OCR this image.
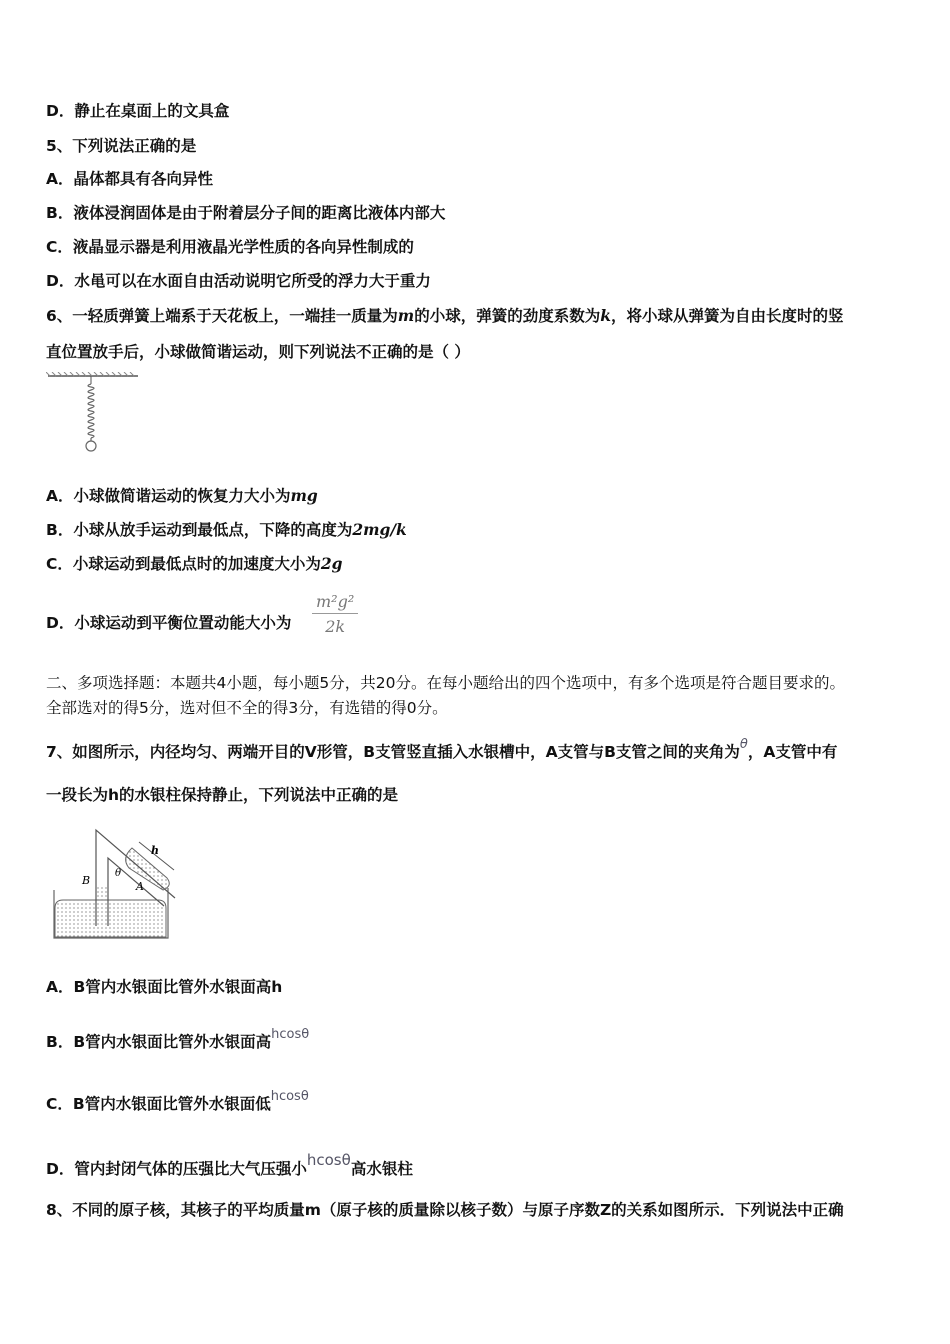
D．静止在桌面上的文具盒
5、下列说法正确的是
A．晶体都具有各向异性
B．液体浸润固体是由于附着层分子间的距离比液体内部大
C．液晶显示器是利用液晶光学性质的各向异性制成的
D．水黾可以在水面自由活动说明它所受的浮力大于重力
6、一轻质弹簧上端系于天花板上，一端挂一质量为m的小球，弹簧的劲度系数为k，将小球从弹簧为自由长度时的竖
直位置放手后，小球做简谐运动，则下列说法不正确的是（ ）
A．小球做简谐运动的恢复力大小为mg
B．小球从放手运动到最低点，下降的高度为2mg/k
C．小球运动到最低点时的加速度大小为2g
D．小球运动到平衡位置动能大小为 $\frac{\text{m²g²}}{2k}$
二、多项选择题：本题共4小题，每小题5分，共20分。在每小题给出的四个选项中，有多个选项是符合题目要求的。
全部选对的得5分，选对但不全的得3分，有选错的得0分。
7、如图所示，内径均匀、两端开目的V形管，B支管竖直插入水银槽中，A支管与B支管之间的夹角为$^\theta$，A支管中有
一段长为h的水银柱保持静止，下列说法中正确的是
h
θ
B	A
A．B管内水银面比管外水银面高h
B．B管内水银面比管外水银面高$^{hcos\theta}$
C．B管内水银面比管外水银面低$^{hcos\theta}$
D．管内封闭气体的压强比大气压强小hcosθ高水银柱
8、不同的原子核，其核子的平均质量m（原子核的质量除以核子数）与原子序数Z的关系如图所示．下列说法中正确
